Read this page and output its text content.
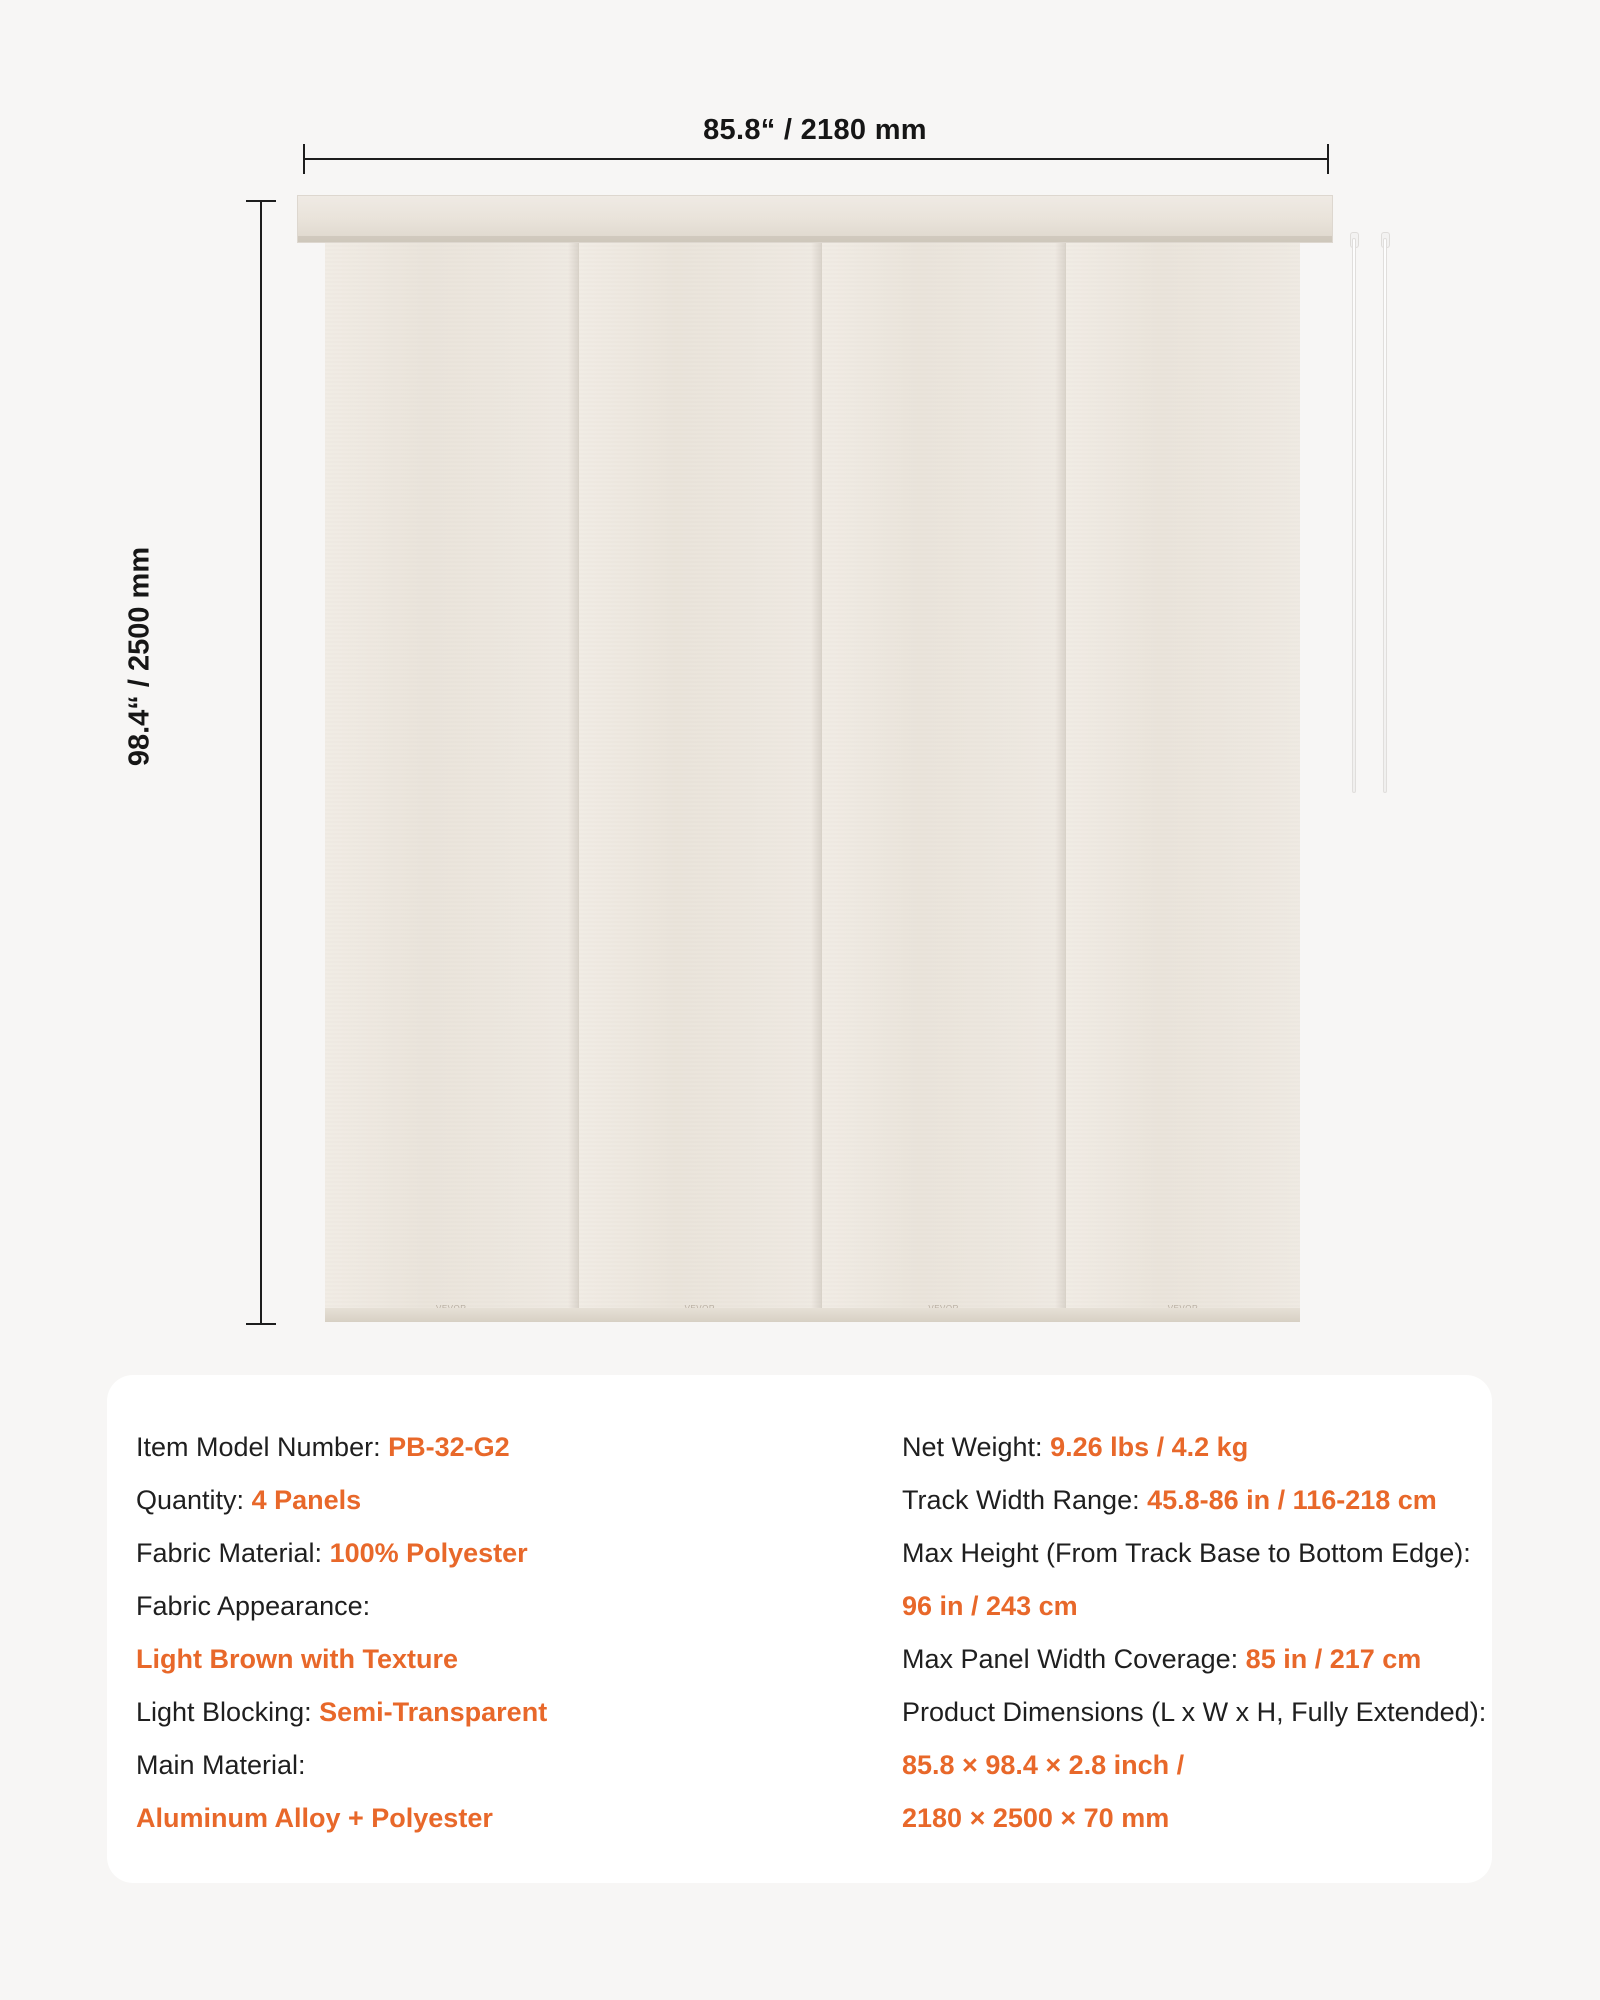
85.8“ / 2180 mm
98.4“ / 2500 mm
Item Model Number: PB-32-G2
Quantity: 4 Panels
Fabric Material: 100% Polyester
Fabric Appearance:
Light Brown with Texture
Light Blocking: Semi-Transparent
Main Material:
Aluminum Alloy + Polyester
Net Weight: 9.26 lbs / 4.2 kg
Track Width Range: 45.8-86 in / 116-218 cm
Max Height (From Track Base to Bottom Edge):
96 in / 243 cm
Max Panel Width Coverage: 85 in / 217 cm
Product Dimensions (L x W x H, Fully Extended):
85.8 × 98.4 × 2.8 inch /
2180 × 2500 × 70 mm
